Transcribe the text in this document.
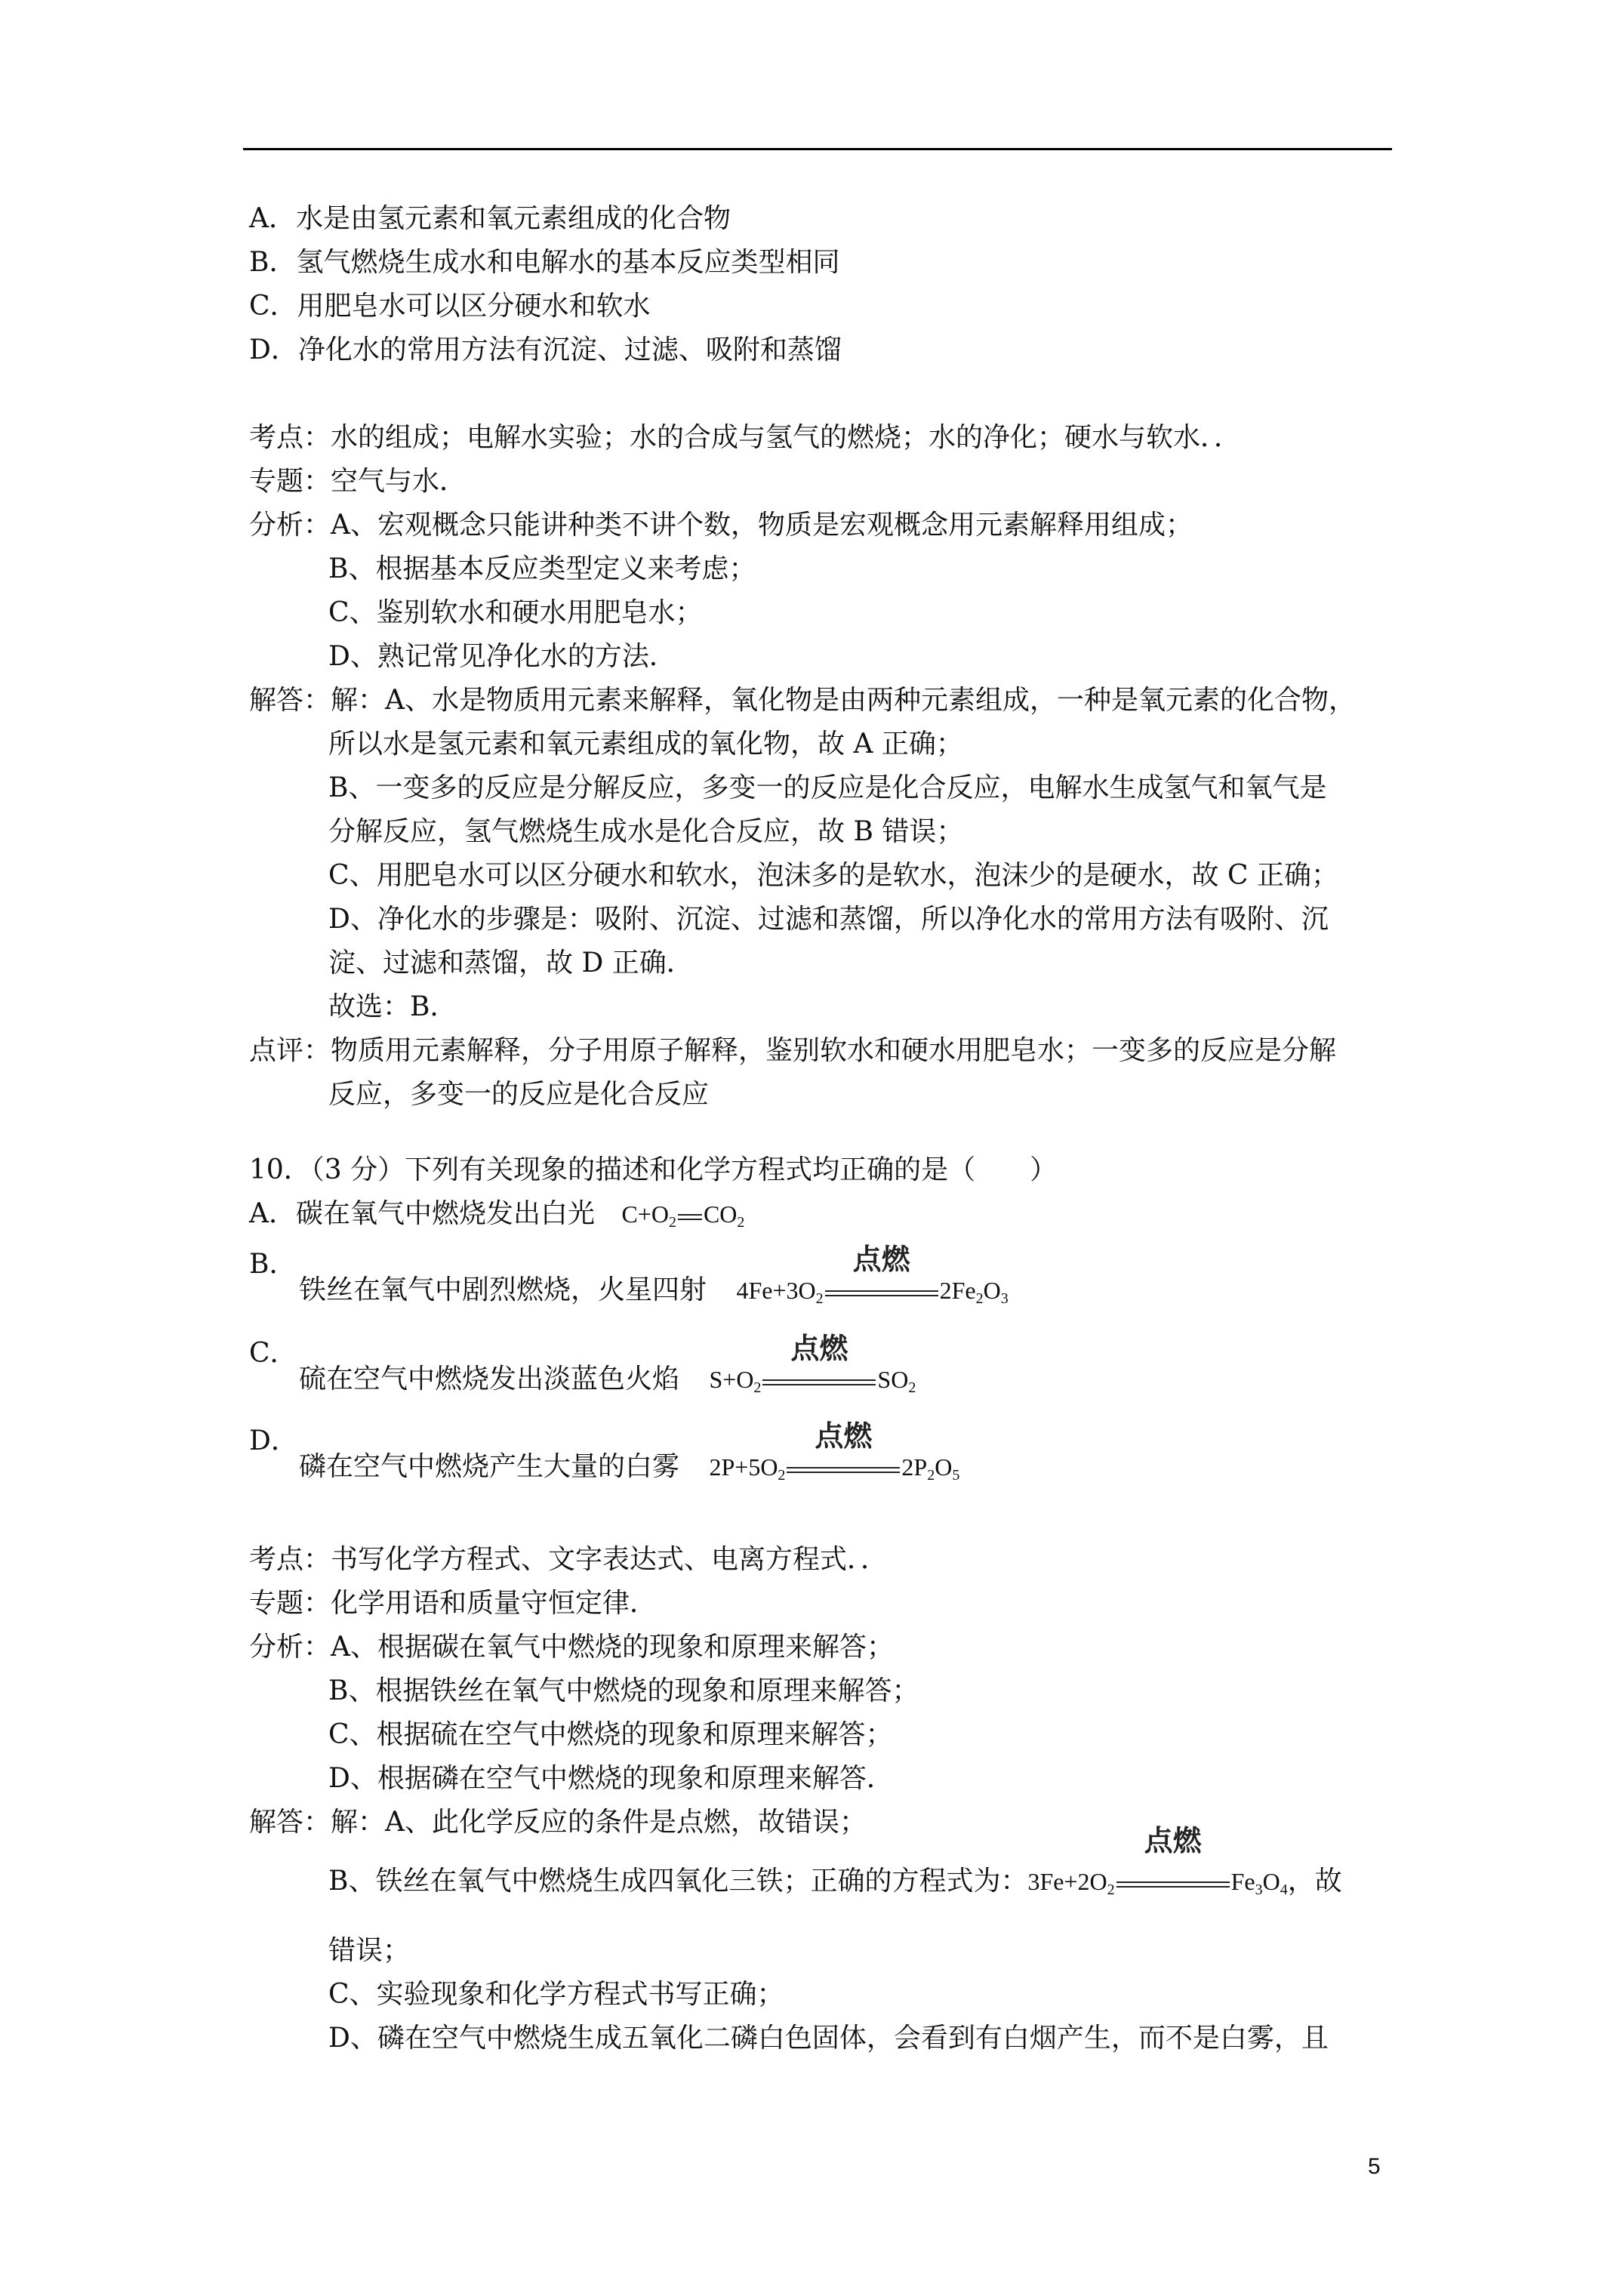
A．水是由氢元素和氧元素组成的化合物
B．氢气燃烧生成水和电解水的基本反应类型相同
C．用肥皂水可以区分硬水和软水
D．净化水的常用方法有沉淀、过滤、吸附和蒸馏
考点：水的组成；电解水实验；水的合成与氢气的燃烧；水的净化；硬水与软水．．
专题：空气与水．
分析：A、宏观概念只能讲种类不讲个数，物质是宏观概念用元素解释用组成；
B、根据基本反应类型定义来考虑；
C、鉴别软水和硬水用肥皂水；
D、熟记常见净化水的方法．
解答：解：A、水是物质用元素来解释，氧化物是由两种元素组成，一种是氧元素的化合物，
所以水是氢元素和氧元素组成的氧化物，故 A 正确；
B、一变多的反应是分解反应，多变一的反应是化合反应，电解水生成氢气和氧气是
分解反应，氢气燃烧生成水是化合反应，故 B 错误；
C、用肥皂水可以区分硬水和软水，泡沫多的是软水，泡沫少的是硬水，故 C 正确；
D、净化水的步骤是：吸附、沉淀、过滤和蒸馏，所以净化水的常用方法有吸附、沉
淀、过滤和蒸馏，故 D 正确．
故选：B．
点评：物质用元素解释，分子用原子解释，鉴别软水和硬水用肥皂水；一变多的反应是分解
反应，多变一的反应是化合反应
10．（3 分）下列有关现象的描述和化学方程式均正确的是（　　）
A．碳在氧气中燃烧发出白光 $C+O_2$ $CO_2$
B．
铁丝在氧气中剧烈燃烧，火星四射 $4Fe+3O_2$
点燃
$2Fe_2O_3$
C．
硫在空气中燃烧发出淡蓝色火焰 $S+O_2$
点燃
$SO_2$
D．
磷在空气中燃烧产生大量的白雾 $2P+5O_2$
点燃
$2P_2O_5$
考点：书写化学方程式、文字表达式、电离方程式．．
专题：化学用语和质量守恒定律．
分析：A、根据碳在氧气中燃烧的现象和原理来解答；
B、根据铁丝在氧气中燃烧的现象和原理来解答；
C、根据硫在空气中燃烧的现象和原理来解答；
D、根据磷在空气中燃烧的现象和原理来解答．
解答：解：A、此化学反应的条件是点燃，故错误；
B、铁丝在氧气中燃烧生成四氧化三铁；正确的方程式为：$3Fe+2O_2$
点燃
$Fe_3O_4$，故
错误；
C、实验现象和化学方程式书写正确；
D、磷在空气中燃烧生成五氧化二磷白色固体，会看到有白烟产生，而不是白雾，且
5
